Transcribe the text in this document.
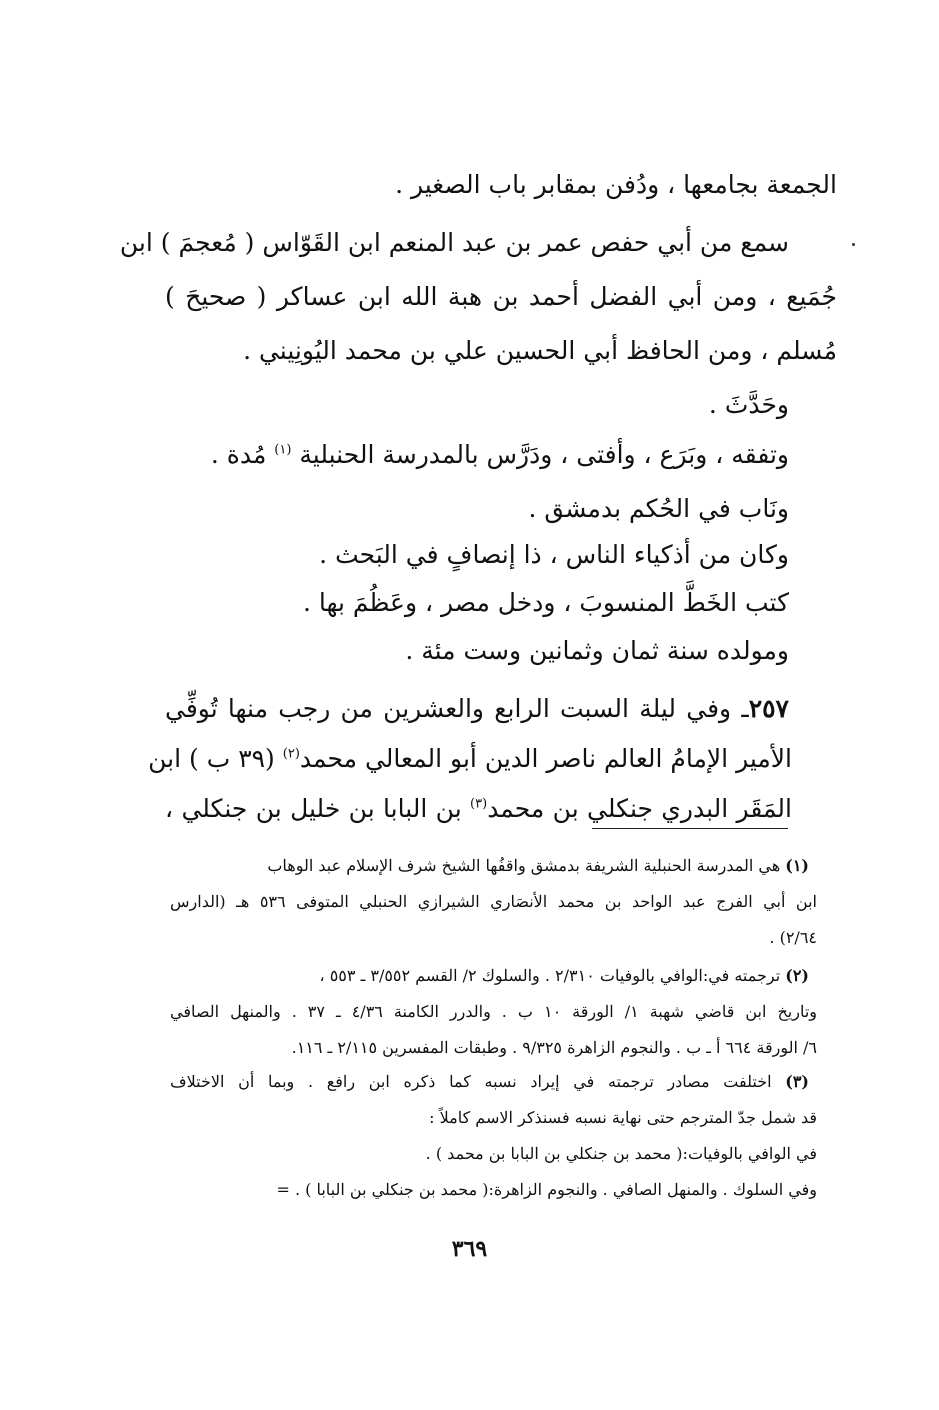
الجمعة بجامعها ، ودُفن بمقابر باب الصغير .
سمع من أبي حفص عمر بن عبد المنعم ابن القَوّاس ( مُعجمَ ) ابن
جُمَيع ، ومن أبي الفضل أحمد بن هبة الله ابن عساكر ( صحيحَ )
مُسلم ، ومن الحافظ أبي الحسين علي بن محمد اليُونِيني .
وحَدَّثَ .
وتفقه ، وبَرَع ، وأفتى ، ودَرَّس بالمدرسة الحنبلية $^{(١)}$ مُدة .
ونَاب في الحُكم بدمشق .
وكان من أذكياء الناس ، ذا إنصافٍ في البَحث .
كتب الخَطَّ المنسوبَ ، ودخل مصر ، وعَظُمَ بها .
ومولده سنة ثمان وثمانين وست مئة .
٢٥٧ـ وفي ليلة السبت الرابع والعشرين من رجب منها تُوفِّي
الأمير الإمامُ العالم ناصر الدين أبو المعالي محمد$^{(٢)}$ (٣٩ ب ) ابن
المَقَر البدري جنكلي بن محمد$^{(٣)}$ بن البابا بن خليل بن جنكلي ،
(١) هي المدرسة الحنبلية الشريفة بدمشق واقفُها الشيخ شرف الإسلام عبد الوهاب
ابن أبي الفرج عبد الواحد بن محمد الأنصَاري الشيرازي الحنبلي المتوفى ٥٣٦ هـ (الدارس
٢/٦٤) .
(٢) ترجمته في:الوافي بالوفيات ٢/٣١٠ . والسلوك ٢/ القسم ٣/٥٥٢ ـ ٥٥٣ ،
وتاريخ ابن قاضي شهبة ١/ الورقة ١٠ ب . والدرر الكامنة ٤/٣٦ ـ ٣٧ . والمنهل الصافي
٦/ الورقة ٦٦٤ أ ـ ب . والنجوم الزاهرة ٩/٣٢٥ . وطبقات المفسرين ٢/١١٥ ـ ١١٦.
(٣) اختلفت مصادر ترجمته في إيراد نسبه كما ذكره ابن رافع . وبما أن الاختلاف
قد شمل جدّ المترجم حتى نهاية نسبه فسنذكر الاسم كاملاً :
في الوافي بالوفيات:( محمد بن جنكلي بن البابا بن محمد ) .
وفي السلوك . والمنهل الصافي . والنجوم الزاهرة:( محمد بن جنكلي بن البابا ) . =
٣٦٩
